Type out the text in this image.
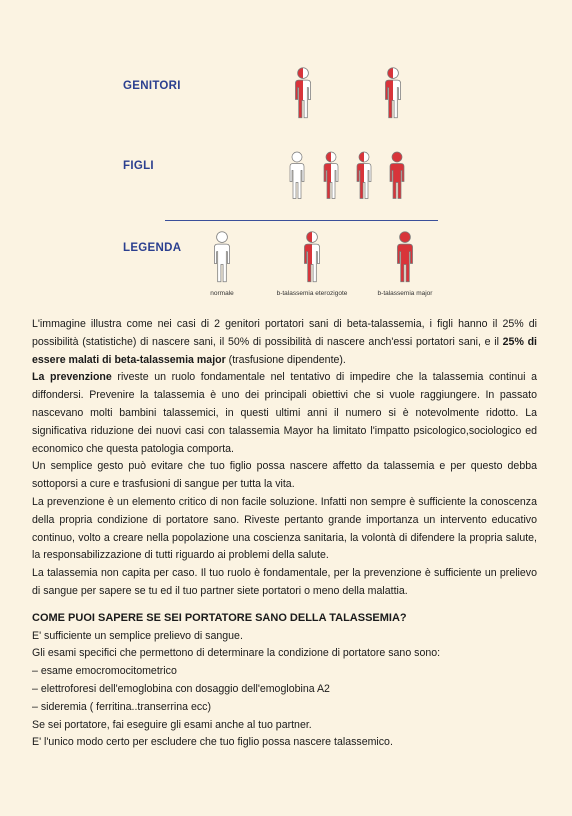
GENITORI
FIGLI
LEGENDA
normale	b-talassemia eterozigote	b-talassemia major

L'immagine illustra come nei casi di 2 genitori portatori sani di beta-talassemia, i figli hanno il 25% di possibilità (statistiche) di nascere sani, il 50% di possibilità di nascere anch'essi portatori sani, e il 25% di essere malati di beta-talassemia major (trasfusione dipendente).

La prevenzione riveste un ruolo fondamentale nel tentativo di impedire che la talassemia continui a diffondersi. Prevenire la talassemia è uno dei principali obiettivi che si vuole raggiungere. In passato nascevano molti bambini talassemici, in questi ultimi anni il numero si è notevolmente ridotto. La significativa riduzione dei nuovi casi con talassemia Mayor ha limitato l'impatto psicologico,sociologico ed economico che questa patologia comporta.

Un semplice gesto può evitare che tuo figlio possa nascere affetto da talassemia e per questo debba sottoporsi a cure e trasfusioni di sangue per tutta la vita.

La prevenzione è un elemento critico di non facile soluzione. Infatti non sempre è sufficiente la conoscenza della propria condizione di portatore sano. Riveste pertanto grande importanza un intervento educativo continuo, volto a creare nella popolazione una coscienza sanitaria, la volontà di difendere la propria salute, la responsabilizzazione di tutti riguardo ai problemi della salute.

La talassemia non capita per caso. Il tuo ruolo è fondamentale, per la prevenzione è sufficiente un prelievo di sangue per sapere se tu ed il tuo partner siete portatori o meno della malattia.

COME PUOI SAPERE SE SEI PORTATORE SANO DELLA TALASSEMIA?

E' sufficiente un semplice prelievo di sangue.

Gli esami specifici che permettono di determinare la condizione di portatore sano sono:

– esame emocromocitometrico

– elettroforesi dell'emoglobina con dosaggio dell'emoglobina A2

– sideremia ( ferritina..transerrina ecc)

Se sei portatore, fai eseguire gli esami anche al tuo partner.

E' l'unico modo certo per escludere che tuo figlio possa nascere talassemico.
